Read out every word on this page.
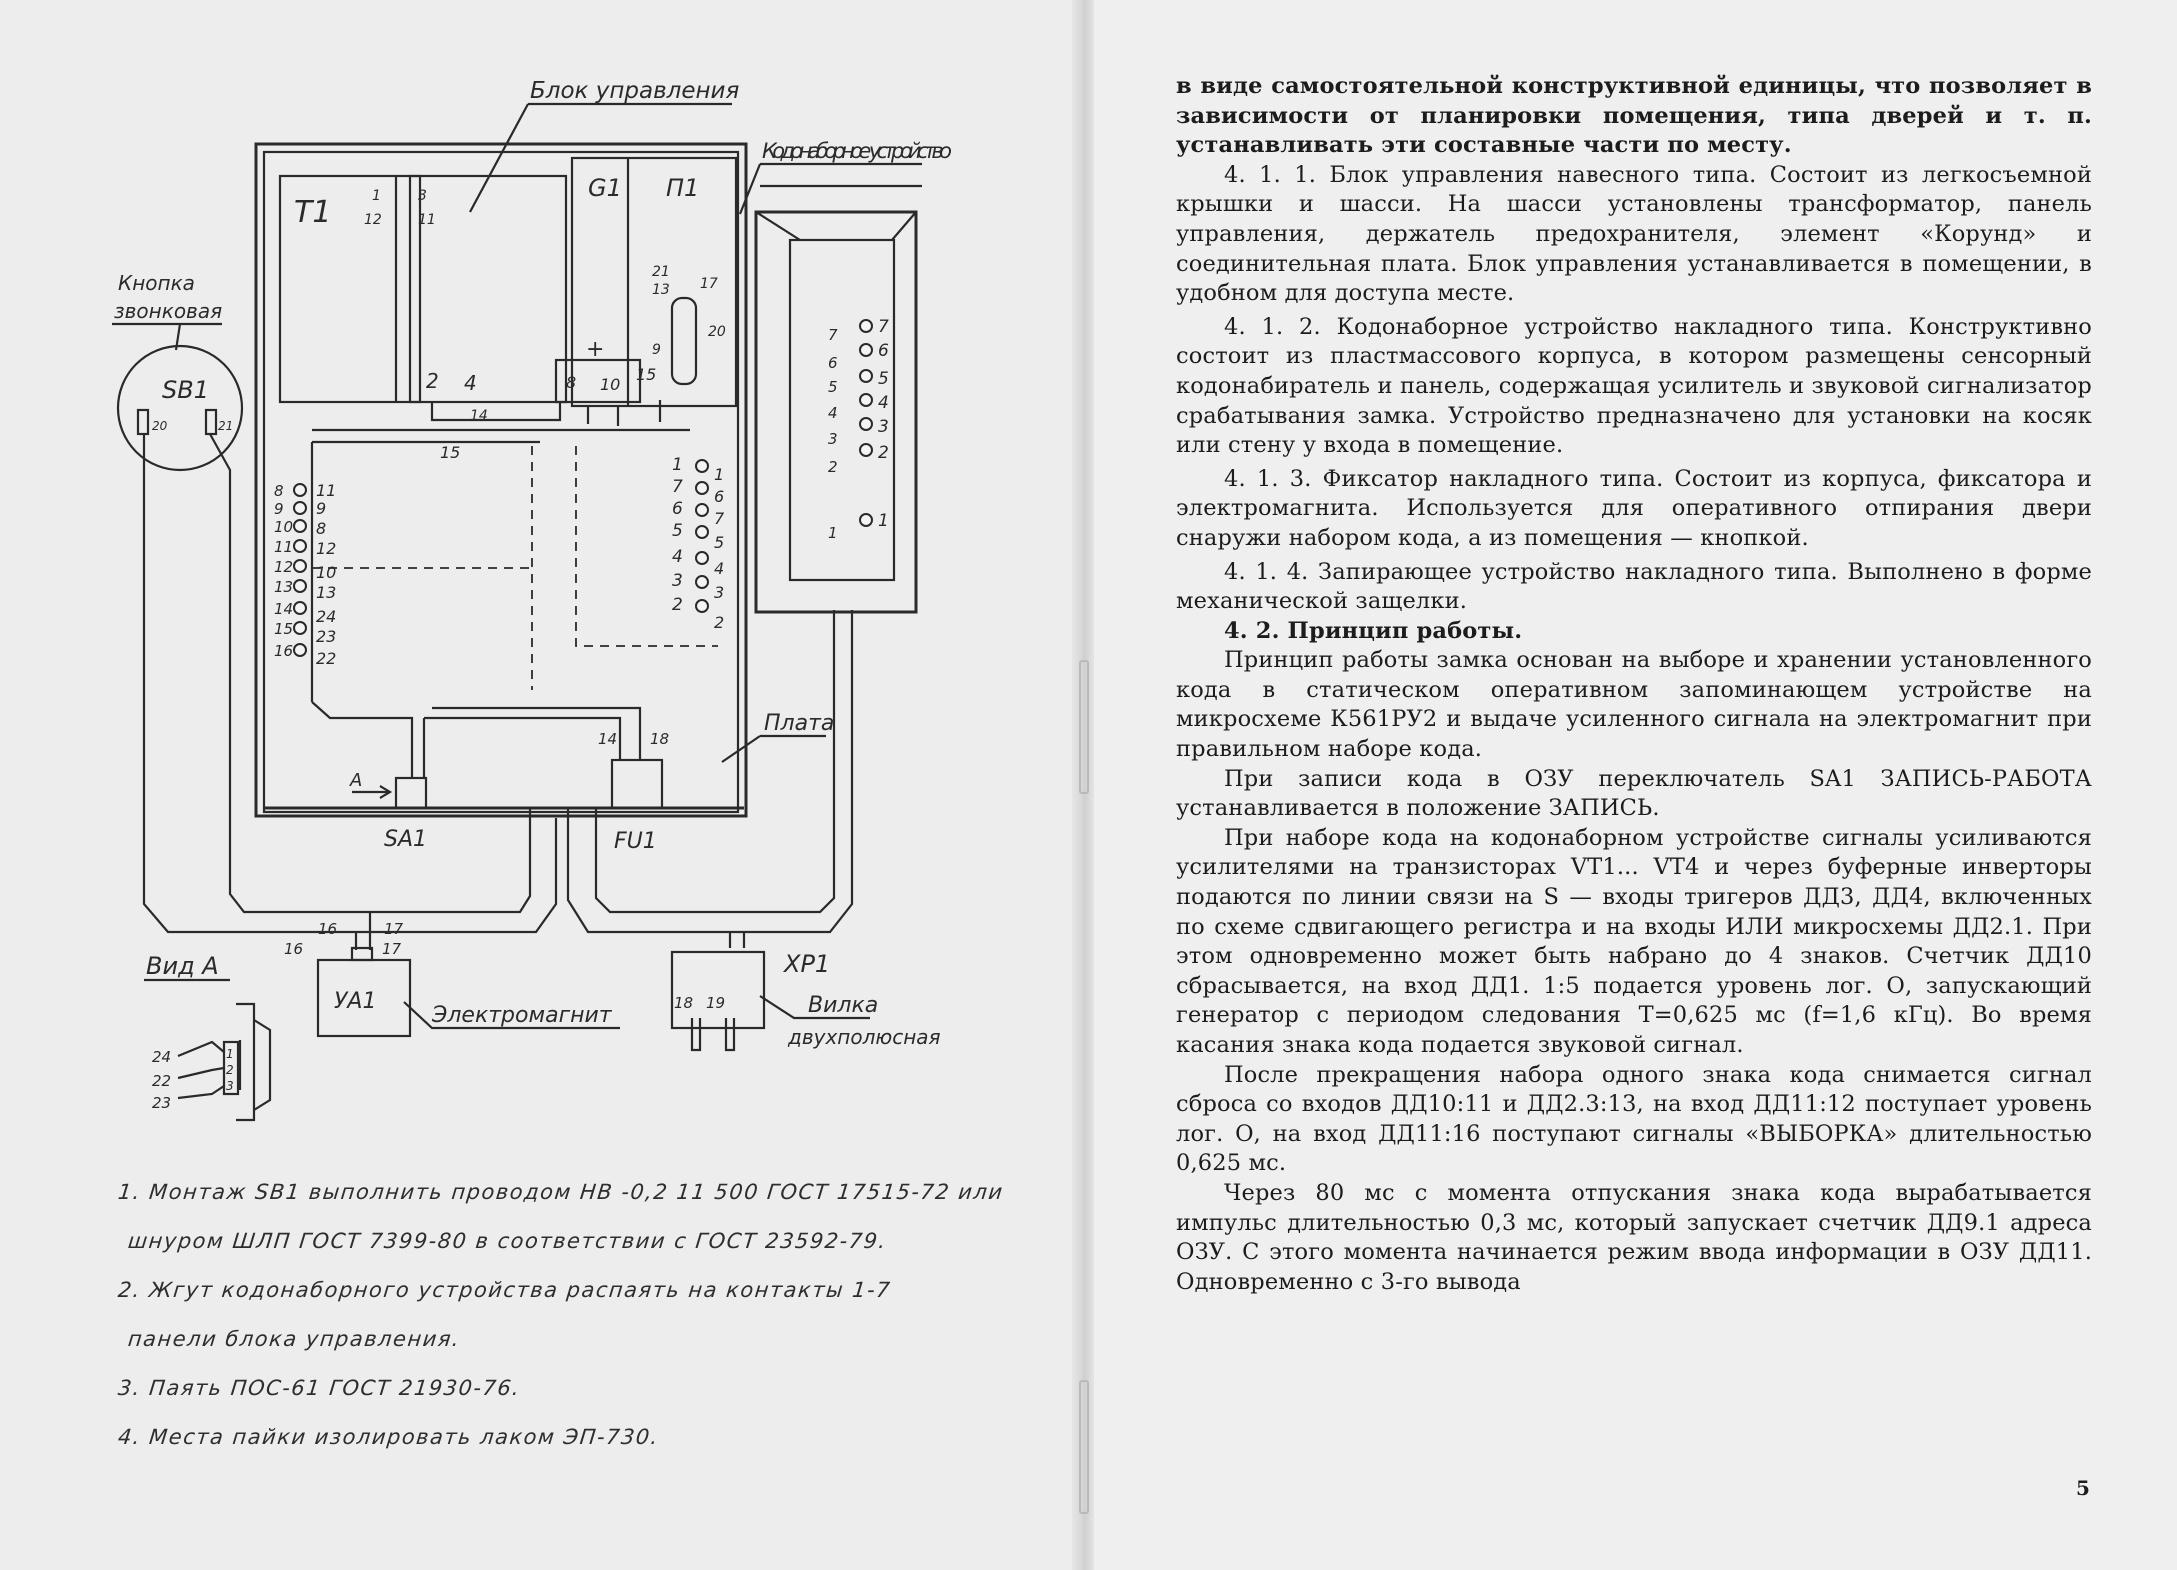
Блок управления
T1	1
12
3
11
2 4
G1 П1
+
8 10
15
9
21
13 17
20
14
15
8
9
10
11
12
13
14
15
16
11
9
8
12
10
13
24
23
22
1
7
6
5
4
3
2
1
6
7
5
4
3
2
14 18
A
SA1	FU1
Плата
Кодонаборное устройство
7
6
5
4
3
2
1
7
6
5
4
3
2
1
Кнопка
звонковая
SB1
20	21
16	17
16	17
Вид А
УА1
Электромагнит
XP1
18 19	Вилка
двухполюсная
1
2
3
24
22
23
1. Монтаж SB1 выполнить проводом НВ -0,2 11 500 ГОСТ 17515-72 или
шнуром ШЛП ГОСТ 7399-80 в соответствии с ГОСТ 23592-79.
2. Жгут кодонаборного устройства распаять на контакты 1-7
панели блока управления.
3. Паять ПОС-61 ГОСТ 21930-76.
4. Места пайки изолировать лаком ЭП-730.

в виде самостоятельной конструктивной единицы, что позволяет в зависимости от планировки помещения, типа дверей и т. п. устанавливать эти составные части по месту.

4. 1. 1. Блок управления навесного типа. Состоит из легкосъемной крышки и шасси. На шасси установлены трансформатор, панель управления, держатель предохранителя, элемент «Корунд» и соединительная плата. Блок управления устанавливается в помещении, в удобном для доступа месте.

4. 1. 2. Кодонаборное устройство накладного типа. Конструктивно состоит из пластмассового корпуса, в котором размещены сенсорный кодонабиратель и панель, содержащая усилитель и звуковой сигнализатор срабатывания замка. Устройство предназначено для установки на косяк или стену у входа в помещение.

4. 1. 3. Фиксатор накладного типа. Состоит из корпуса, фиксатора и электромагнита. Используется для оперативного отпирания двери снаружи набором кода, а из помещения — кнопкой.

4. 1. 4. Запирающее устройство накладного типа. Выполнено в форме механической защелки.

4. 2. Принцип работы.

Принцип работы замка основан на выборе и хранении установленного кода в статическом оперативном запоминающем устройстве на микросхеме К561РУ2 и выдаче усиленного сигнала на электромагнит при правильном наборе кода.

При записи кода в ОЗУ переключатель SA1 ЗАПИСЬ-РАБОТА устанавливается в положение ЗАПИСЬ.

При наборе кода на кодонаборном устройстве сигналы усиливаются усилителями на транзисторах VT1... VT4 и через буферные инверторы подаются по линии связи на S — входы тригеров ДД3, ДД4, включенных по схеме сдвигающего регистра и на входы ИЛИ микросхемы ДД2.1. При этом одновременно может быть набрано до 4 знаков. Счетчик ДД10 сбрасывается, на вход ДД1. 1:5 подается уровень лог. О, запускающий генератор с периодом следования Т=0,625 мс (f=1,6 кГц). Во время касания знака кода подается звуковой сигнал.

После прекращения набора одного знака кода снимается сигнал сброса со входов ДД10:11 и ДД2.3:13, на вход ДД11:12 поступает уровень лог. О, на вход ДД11:16 поступают сигналы «ВЫБОРКА» длительностью 0,625 мс.

Через 80 мс с момента отпускания знака кода вырабатывается импульс длительностью 0,3 мс, который запускает счетчик ДД9.1 адреса ОЗУ. С этого момента начинается режим ввода информации в ОЗУ ДД11. Одновременно с 3-го вывода

5
